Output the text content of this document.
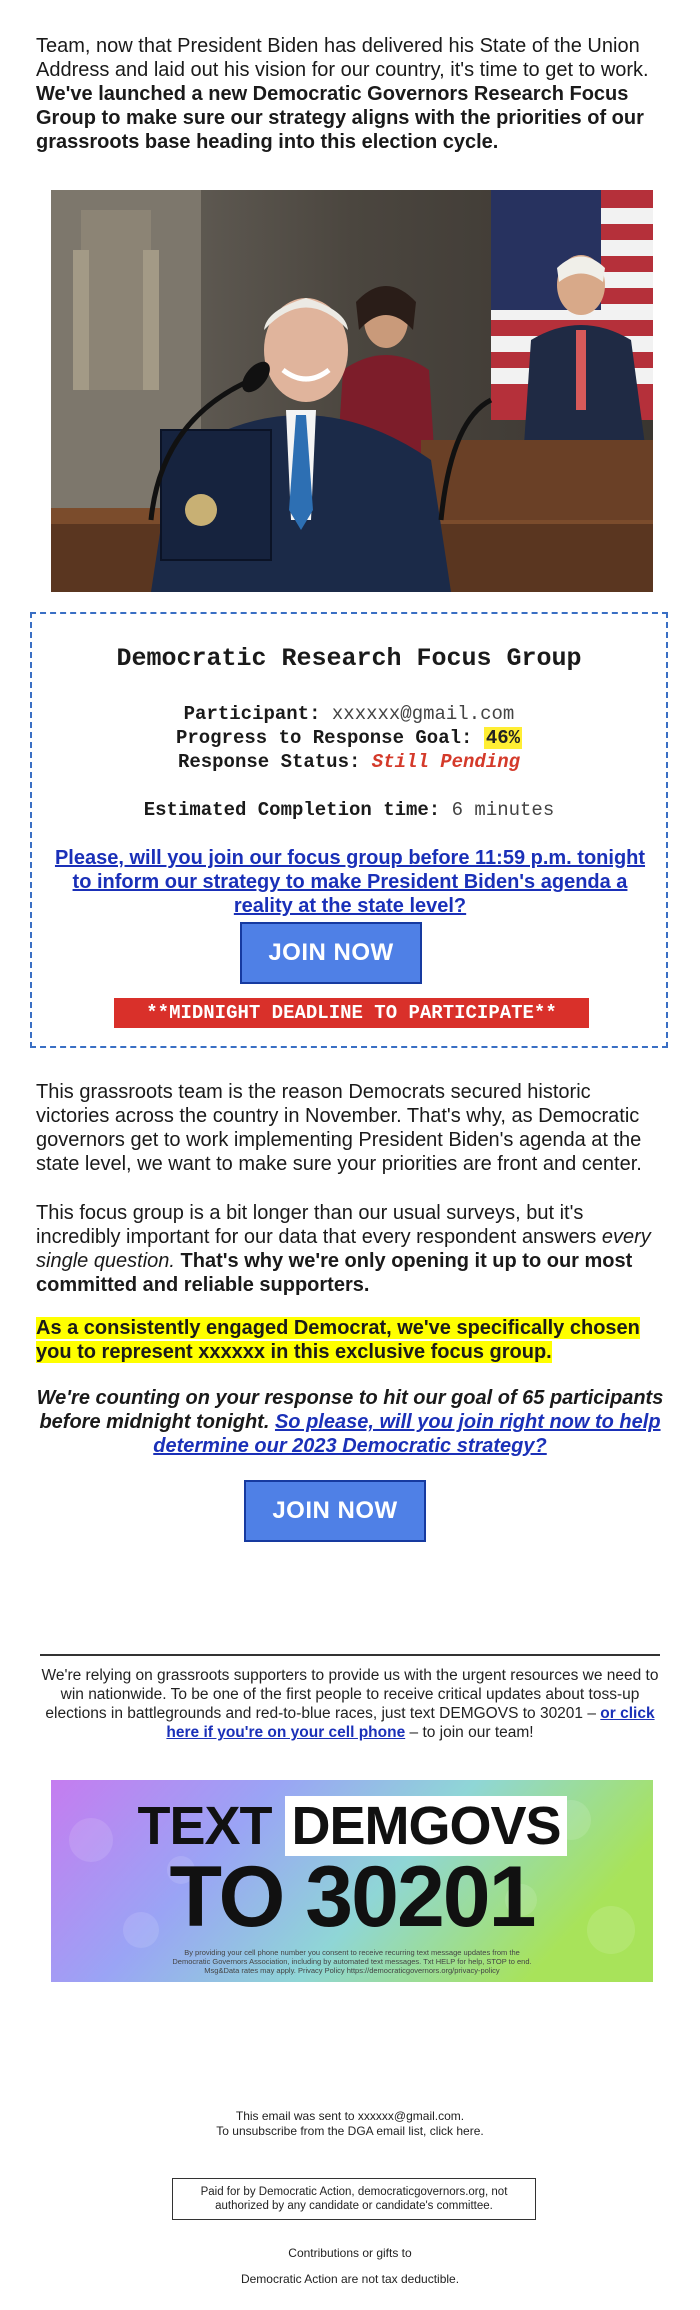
Team, now that President Biden has delivered his State of the Union Address and laid out his vision for our country, it's time to get to work. We've launched a new Democratic Governors Research Focus Group to make sure our strategy aligns with the priorities of our grassroots base heading into this election cycle.
Democratic Research Focus Group
Participant: xxxxxx@gmail.com
Progress to Response Goal: 46%
Response Status: Still Pending
Estimated Completion time: 6 minutes
Please, will you join our focus group before 11:59 p.m. tonight to inform our strategy to make President Biden's agenda a reality at the state level?
JOIN NOW
**MIDNIGHT DEADLINE TO PARTICIPATE**
This grassroots team is the reason Democrats secured historic victories across the country in November. That's why, as Democratic governors get to work implementing President Biden's agenda at the state level, we want to make sure your priorities are front and center.
This focus group is a bit longer than our usual surveys, but it's incredibly important for our data that every respondent answers every single question. That's why we're only opening it up to our most committed and reliable supporters.
As a consistently engaged Democrat, we've specifically chosen you to represent xxxxxx in this exclusive focus group.
We're counting on your response to hit our goal of 65 participants before midnight tonight. So please, will you join right now to help determine our 2023 Democratic strategy?
JOIN NOW
We're relying on grassroots supporters to provide us with the urgent resources we need to win nationwide. To be one of the first people to receive critical updates about toss-up elections in battlegrounds and red-to-blue races, just text DEMGOVS to 30201 – or click here if you're on your cell phone – to join our team!
TEXT DEMGOVS
TO 30201
By providing your cell phone number you consent to receive recurring text message updates from the Democratic Governors Association, including by automated text messages. Txt HELP for help, STOP to end. Msg&Data rates may apply. Privacy Policy https://democraticgovernors.org/privacy-policy
This email was sent to xxxxxx@gmail.com.
To unsubscribe from the DGA email list, click here.
Paid for by Democratic Action, democraticgovernors.org, not authorized by any candidate or candidate's committee.
Contributions or gifts to
Democratic Action are not tax deductible.
